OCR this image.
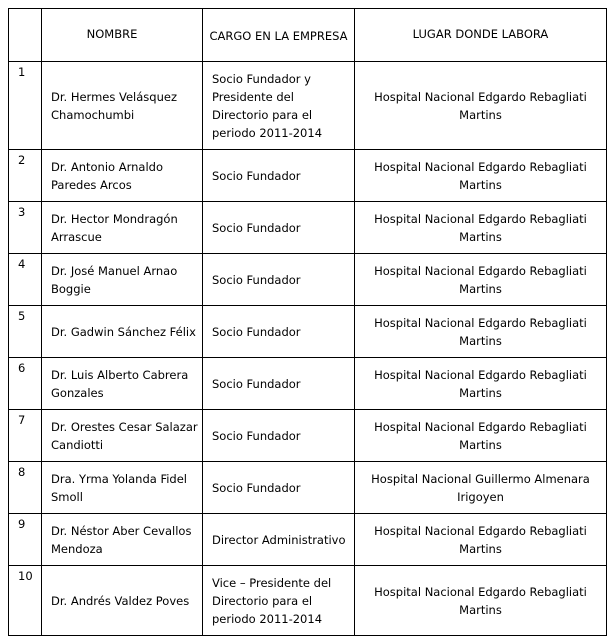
	NOMBRE	CARGO EN LA EMPRESA	LUGAR DONDE LABORA
1	Dr. Hermes Velásquez
Chamochumbi	Socio Fundador y
Presidente del
Directorio para el
periodo 2011-2014	Hospital Nacional Edgardo Rebagliati
Martins
2	Dr. Antonio Arnaldo
Paredes Arcos	Socio Fundador	Hospital Nacional Edgardo Rebagliati
Martins
3	Dr. Hector Mondragón
Arrascue	Socio Fundador	Hospital Nacional Edgardo Rebagliati
Martins
4	Dr. José Manuel Arnao
Boggie	Socio Fundador	Hospital Nacional Edgardo Rebagliati
Martins
5	Dr. Gadwin Sánchez Félix	Socio Fundador	Hospital Nacional Edgardo Rebagliati
Martins
6	Dr. Luis Alberto Cabrera
Gonzales	Socio Fundador	Hospital Nacional Edgardo Rebagliati
Martins
7	Dr. Orestes Cesar Salazar
Candiotti	Socio Fundador	Hospital Nacional Edgardo Rebagliati
Martins
8	Dra. Yrma Yolanda Fidel
Smoll	Socio Fundador	Hospital Nacional Guillermo Almenara
Irigoyen
9	Dr. Néstor Aber Cevallos
Mendoza	Director Administrativo	Hospital Nacional Edgardo Rebagliati
Martins
10	Dr. Andrés Valdez Poves	Vice – Presidente del
Directorio para el
periodo 2011-2014	Hospital Nacional Edgardo Rebagliati
Martins
